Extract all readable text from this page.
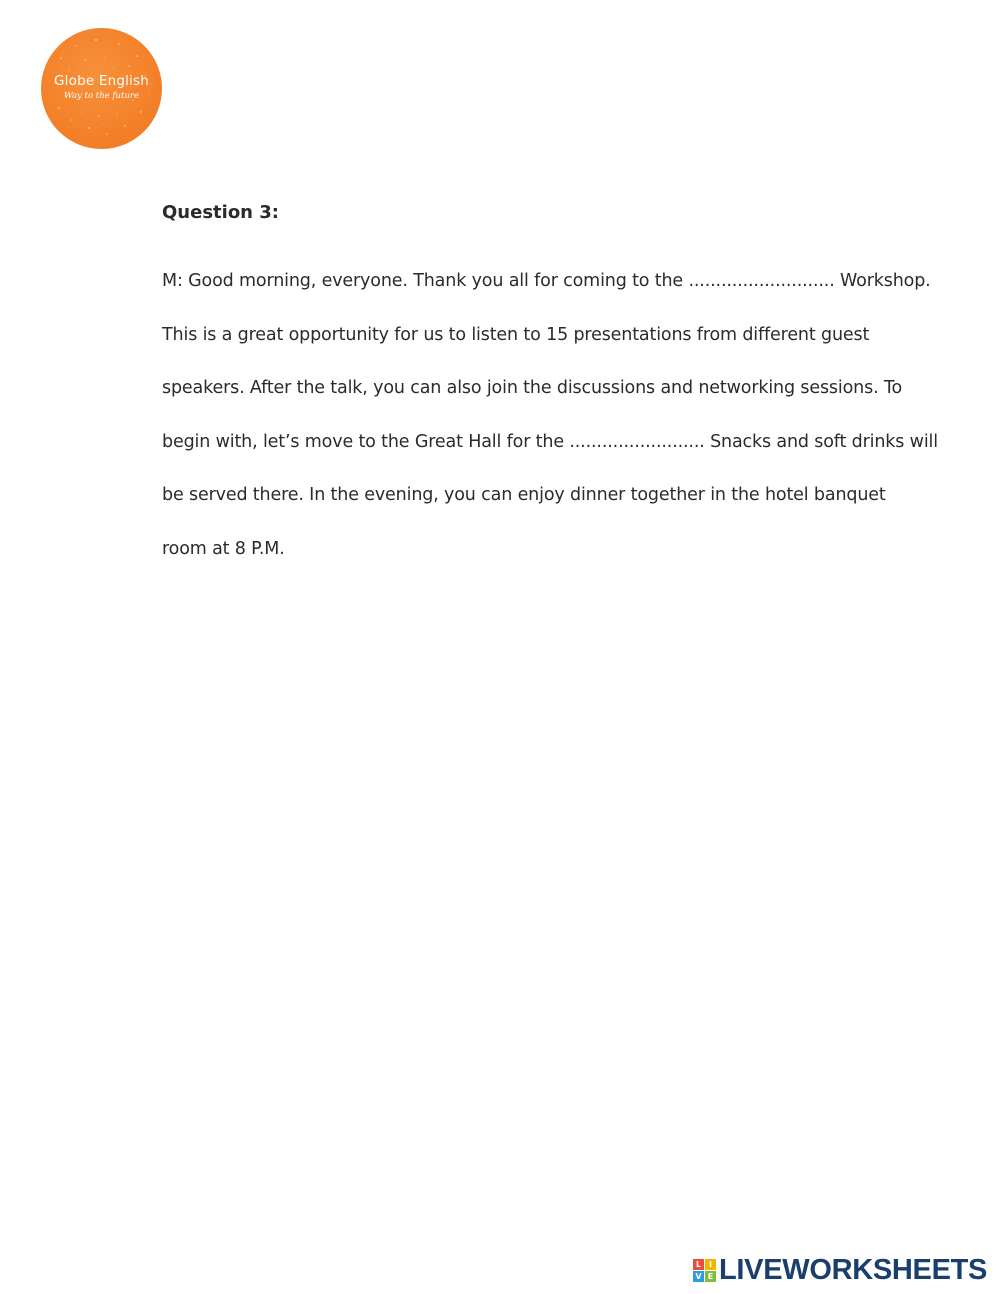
Globe English
Way to the future
Question 3:
M: Good morning, everyone. Thank you all for coming to the ........................... Workshop.
This is a great opportunity for us to listen to 15 presentations from different guest
speakers. After the talk, you can also join the discussions and networking sessions. To
begin with, let’s move to the Great Hall for the ......................... Snacks and soft drinks will
be served there. In the evening, you can enjoy dinner together in the hotel banquet
room at 8 P.M.
L I
V E LIVEWORKSHEETS
